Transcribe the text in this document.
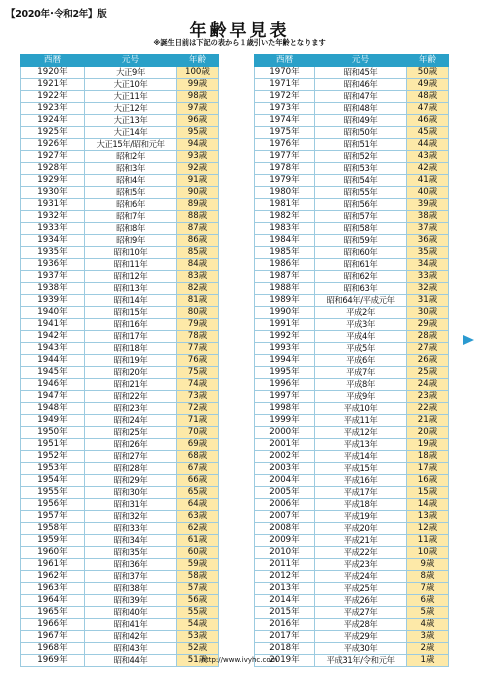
【2020年･令和2年】版
年齢早見表
※誕生日前は下記の表から１歳引いた年齢となります
西暦	元号	年齢
1920年	大正9年	100歳
1921年	大正10年	99歳
1922年	大正11年	98歳
1923年	大正12年	97歳
1924年	大正13年	96歳
1925年	大正14年	95歳
1926年	大正15年/昭和元年	94歳
1927年	昭和2年	93歳
1928年	昭和3年	92歳
1929年	昭和4年	91歳
1930年	昭和5年	90歳
1931年	昭和6年	89歳
1932年	昭和7年	88歳
1933年	昭和8年	87歳
1934年	昭和9年	86歳
1935年	昭和10年	85歳
1936年	昭和11年	84歳
1937年	昭和12年	83歳
1938年	昭和13年	82歳
1939年	昭和14年	81歳
1940年	昭和15年	80歳
1941年	昭和16年	79歳
1942年	昭和17年	78歳
1943年	昭和18年	77歳
1944年	昭和19年	76歳
1945年	昭和20年	75歳
1946年	昭和21年	74歳
1947年	昭和22年	73歳
1948年	昭和23年	72歳
1949年	昭和24年	71歳
1950年	昭和25年	70歳
1951年	昭和26年	69歳
1952年	昭和27年	68歳
1953年	昭和28年	67歳
1954年	昭和29年	66歳
1955年	昭和30年	65歳
1956年	昭和31年	64歳
1957年	昭和32年	63歳
1958年	昭和33年	62歳
1959年	昭和34年	61歳
1960年	昭和35年	60歳
1961年	昭和36年	59歳
1962年	昭和37年	58歳
1963年	昭和38年	57歳
1964年	昭和39年	56歳
1965年	昭和40年	55歳
1966年	昭和41年	54歳
1967年	昭和42年	53歳
1968年	昭和43年	52歳
1969年	昭和44年	51歳
西暦	元号	年齢
1970年	昭和45年	50歳
1971年	昭和46年	49歳
1972年	昭和47年	48歳
1973年	昭和48年	47歳
1974年	昭和49年	46歳
1975年	昭和50年	45歳
1976年	昭和51年	44歳
1977年	昭和52年	43歳
1978年	昭和53年	42歳
1979年	昭和54年	41歳
1980年	昭和55年	40歳
1981年	昭和56年	39歳
1982年	昭和57年	38歳
1983年	昭和58年	37歳
1984年	昭和59年	36歳
1985年	昭和60年	35歳
1986年	昭和61年	34歳
1987年	昭和62年	33歳
1988年	昭和63年	32歳
1989年	昭和64年/平成元年	31歳
1990年	平成2年	30歳
1991年	平成3年	29歳
1992年	平成4年	28歳
1993年	平成5年	27歳
1994年	平成6年	26歳
1995年	平成7年	25歳
1996年	平成8年	24歳
1997年	平成9年	23歳
1998年	平成10年	22歳
1999年	平成11年	21歳
2000年	平成12年	20歳
2001年	平成13年	19歳
2002年	平成14年	18歳
2003年	平成15年	17歳
2004年	平成16年	16歳
2005年	平成17年	15歳
2006年	平成18年	14歳
2007年	平成19年	13歳
2008年	平成20年	12歳
2009年	平成21年	11歳
2010年	平成22年	10歳
2011年	平成23年	9歳
2012年	平成24年	8歳
2013年	平成25年	7歳
2014年	平成26年	6歳
2015年	平成27年	5歳
2016年	平成28年	4歳
2017年	平成29年	3歳
2018年	平成30年	2歳
2019年	平成31年/令和元年	1歳
http://www.ivyhc.com
